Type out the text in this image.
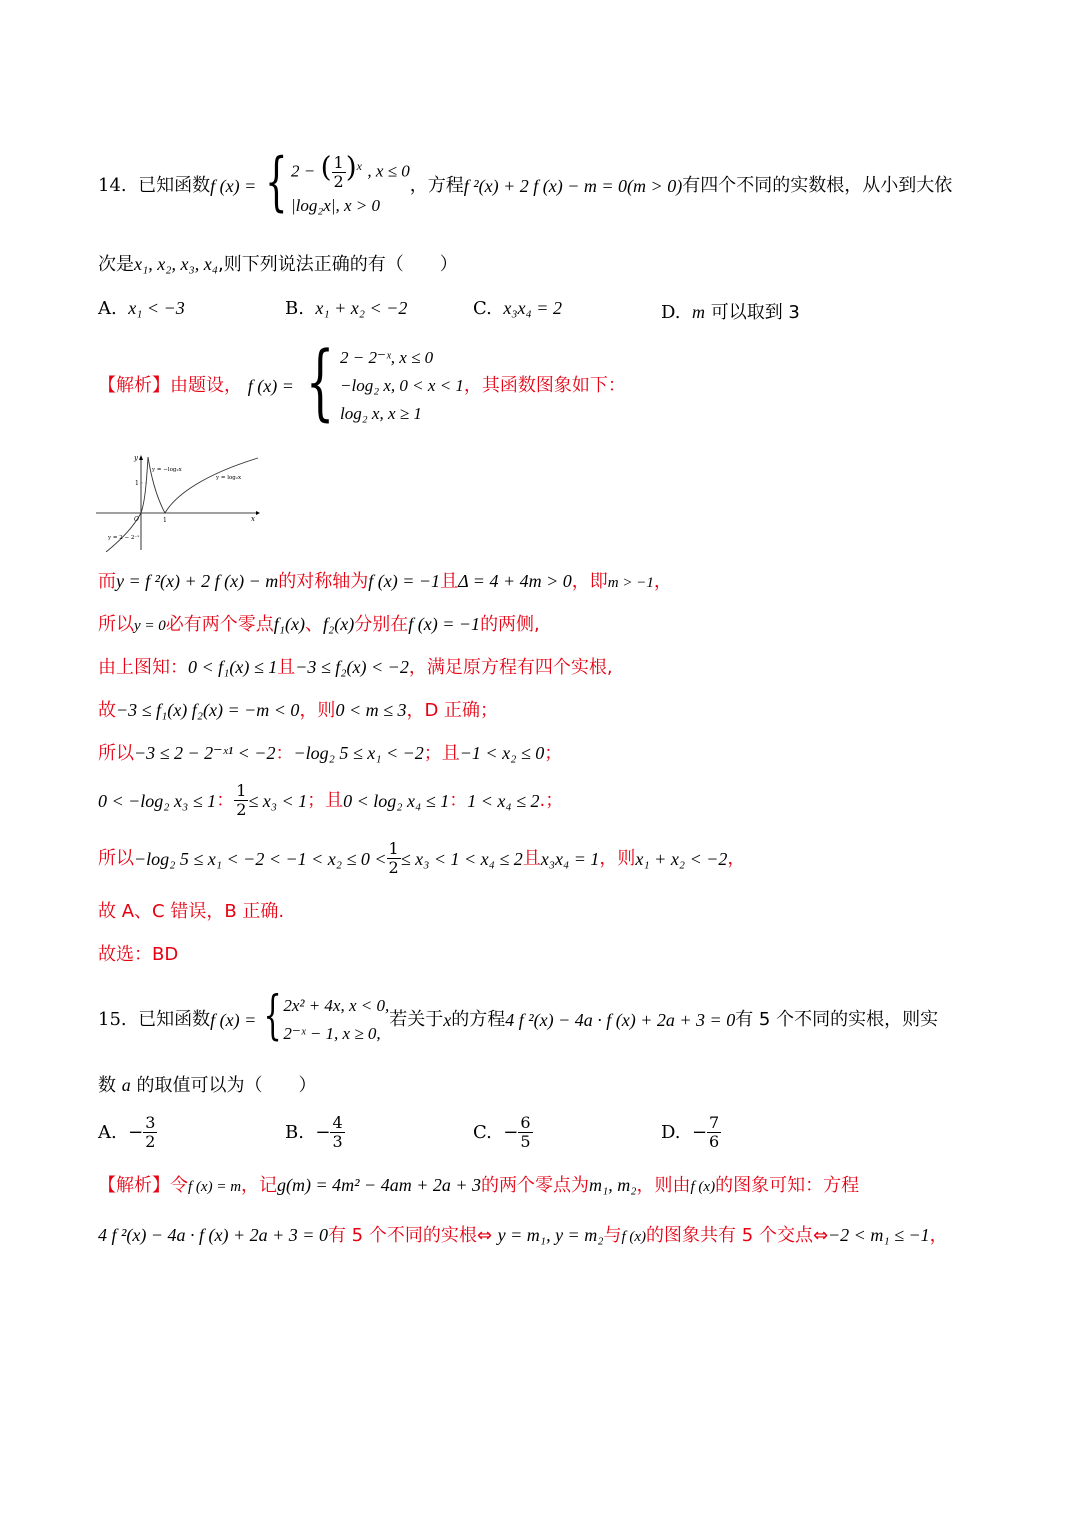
14.
已知函数 f (x) = { 2 − ( $\frac{1}{2} )^x$ , x ≤ 0
|log₂x|, x > 0
，方程 f ²(x) + 2 f (x) − m = 0(m > 0) 有四个不同的实数根，从小到大依
次是x₁, x₂, x₃, x₄,则下列说法正确的有（　　）
A. x₁ < −3	B. x₁ + x₂ < −2	C. x₃x₄ = 2	D. m 可以取到 3
【解析】 由题设，
f (x) = { 2 − 2⁻ˣ, x ≤ 0
−log₂ x, 0 < x < 1
log₂ x, x ≥ 1
，其函数图象如下：
y
x
1
1
O
y = −log₂x
y = log₂x
y = 2 − 2⁻ˣ
而y = f ²(x) + 2 f (x) − m的对称轴为f (x) = −1且Δ = 4 + 4m > 0，即m > −1，
所以y = 0必有两个零点f₁(x)、f₂(x)分别在f (x) = −1的两侧,
由上图知：0 < f₁(x) ≤ 1且−3 ≤ f₂(x) < −2，满足原方程有四个实根,
故−3 ≤ f₁(x) f₂(x) = −m < 0，则0 < m ≤ 3，D 正确；
所以−3 ≤ 2 − 2⁻ˣ¹ < −2：−log₂ 5 ≤ x₁ < −2；且−1 < x₂ ≤ 0；
0 < −log₂ x₃ ≤ 1 ： $\frac{1}{2} \le x_3 < 1$ ；且 0 < log₂ x₄ ≤ 1 ： 1 < x₄ ≤ 2 .；
所以 −log₂ $5 \le x_1 < -2 < -1 < x_2 \le 0 < \frac{1}{2} \le x_3 < 1 < x_4 \le 2$ 且 x₃x₄ = 1 ，则 x₁ + x₂ < −2 ，
故 A、C 错误，B 正确.
故选：BD
15.
已知函数 f (x) = { 2x² + 4x, x < 0,
2⁻ˣ − 1, x ≥ 0,
若关于 x 的方程 4 f ²(x) − 4a · f (x) + 2a + 3 = 0 有 5 个不同的实根，则实
数 a 的取值可以为（　　）
A. − $\frac{3}{2}$	B. − $\frac{4}{3}$	C. − $\frac{6}{5}$	D. − $\frac{7}{6}$
【解析】令f (x) = m，记g(m) = 4m² − 4am + 2a + 3的两个零点为m₁, m₂，则由f (x)的图象可知：方程
4 f ²(x) − 4a · f (x) + 2a + 3 = 0有 5 个不同的实根⇔ y = m₁, y = m₂与f (x)的图象共有 5 个交点⇔−2 < m₁ ≤ −1，
